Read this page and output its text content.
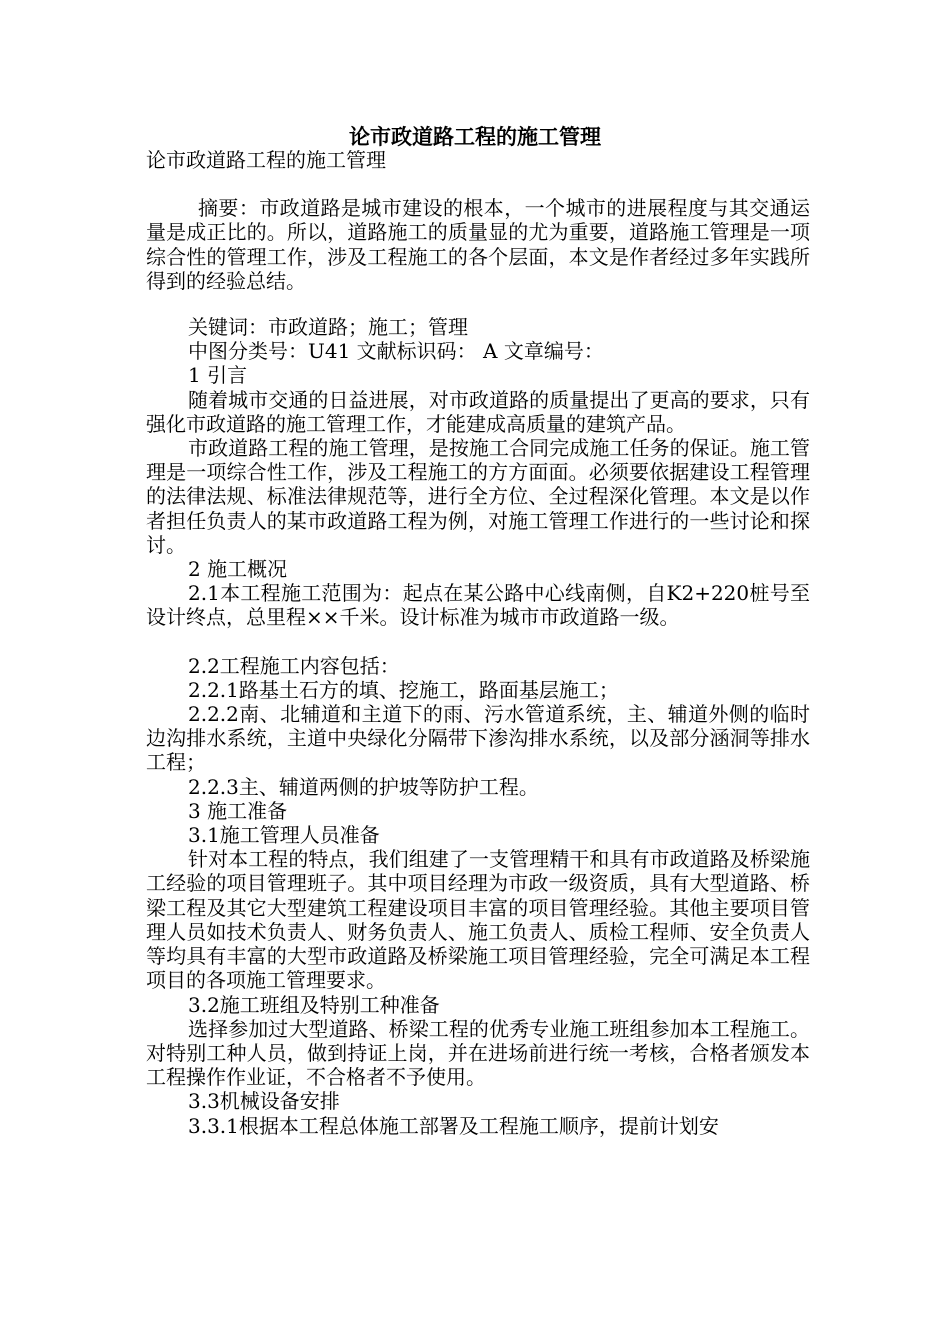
论市政道路工程的施工管理

论市政道路工程的施工管理

摘要：市政道路是城市建设的根本，一个城市的进展程度与其交通运量是成正比的。所以，道路施工的质量显的尤为重要，道路施工管理是一项综合性的管理工作，涉及工程施工的各个层面，本文是作者经过多年实践所得到的经验总结。

关键词：市政道路；施工；管理

中图分类号：U41 文献标识码： A 文章编号：

1 引言

随着城市交通的日益进展，对市政道路的质量提出了更高的要求，只有强化市政道路的施工管理工作，才能建成高质量的建筑产品。

市政道路工程的施工管理，是按施工合同完成施工任务的保证。施工管理是一项综合性工作，涉及工程施工的方方面面。必须要依据建设工程管理的法律法规、标准法律规范等，进行全方位、全过程深化管理。本文是以作者担任负责人的某市政道路工程为例，对施工管理工作进行的一些讨论和探讨。

2 施工概况

2.1本工程施工范围为：起点在某公路中心线南侧，自K2+220桩号至设计终点，总里程××千米。设计标准为城市市政道路一级。

2.2工程施工内容包括：

2.2.1路基土石方的填、挖施工，路面基层施工；

2.2.2南、北辅道和主道下的雨、污水管道系统，主、辅道外侧的临时边沟排水系统，主道中央绿化分隔带下渗沟排水系统，以及部分涵洞等排水工程；

2.2.3主、辅道两侧的护坡等防护工程。

3 施工准备

3.1施工管理人员准备

针对本工程的特点，我们组建了一支管理精干和具有市政道路及桥梁施工经验的项目管理班子。其中项目经理为市政一级资质，具有大型道路、桥梁工程及其它大型建筑工程建设项目丰富的项目管理经验。其他主要项目管理人员如技术负责人、财务负责人、施工负责人、质检工程师、安全负责人等均具有丰富的大型市政道路及桥梁施工项目管理经验，完全可满足本工程项目的各项施工管理要求。

3.2施工班组及特别工种准备

选择参加过大型道路、桥梁工程的优秀专业施工班组参加本工程施工。对特别工种人员，做到持证上岗，并在进场前进行统一考核，合格者颁发本工程操作作业证，不合格者不予使用。

3.3机械设备安排

3.3.1根据本工程总体施工部署及工程施工顺序，提前计划安
